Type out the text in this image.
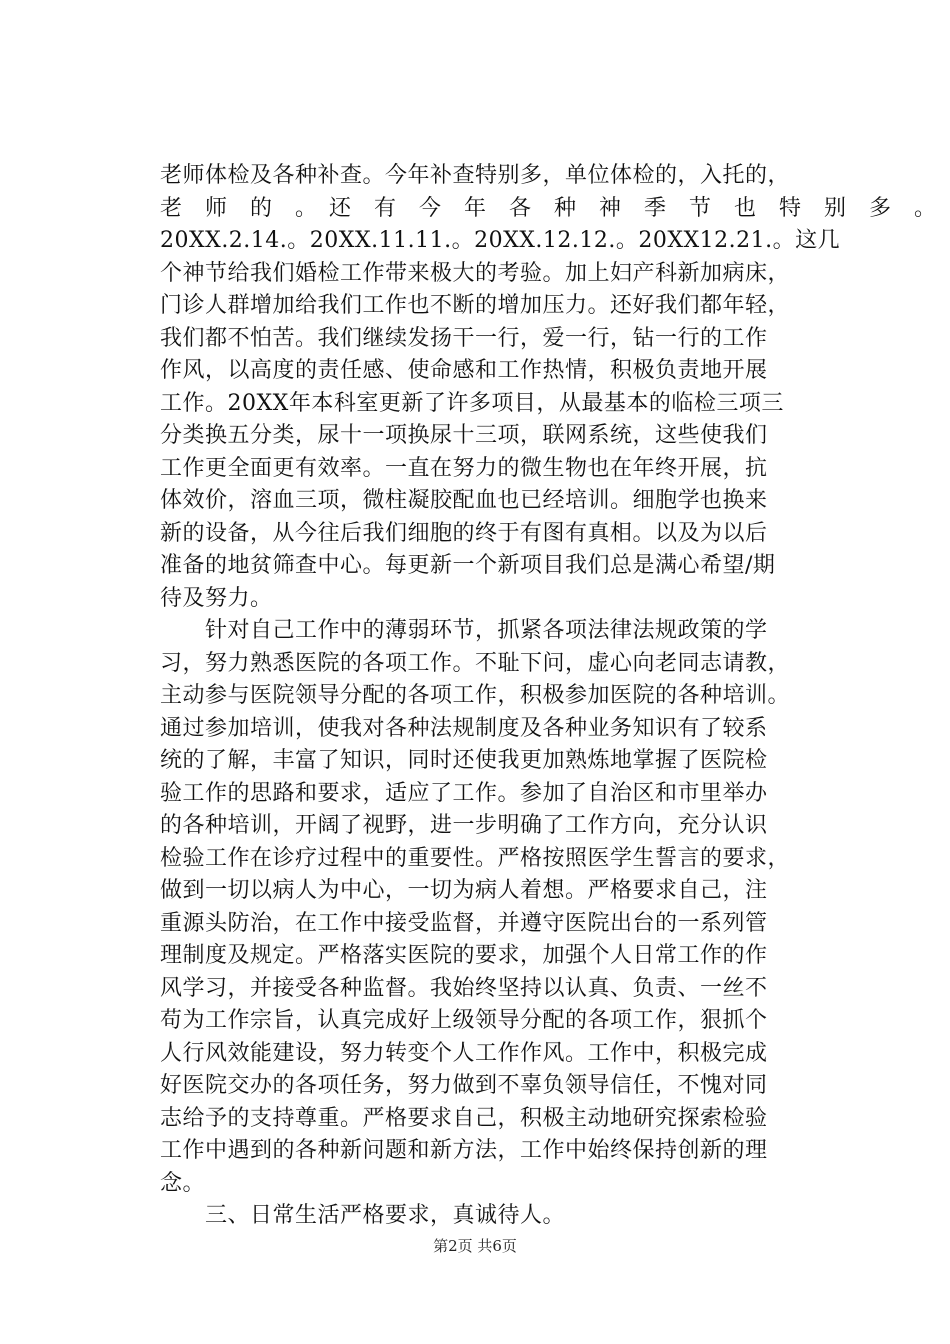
老师体检及各种补查。今年补查特别多，单位体检的，入托的，
老　师　的　。　还　有　今　年　各　种　神　季　节　也　特　别　多　。
20XX.2.14.。20XX.11.11.。20XX.12.12.。20XX12.21.。这几
个神节给我们婚检工作带来极大的考验。加上妇产科新加病床，
门诊人群增加给我们工作也不断的增加压力。还好我们都年轻，
我们都不怕苦。我们继续发扬干一行，爱一行，钻一行的工作
作风，以高度的责任感、使命感和工作热情，积极负责地开展
工作。20XX年本科室更新了许多项目，从最基本的临检三项三
分类换五分类，尿十一项换尿十三项，联网系统，这些使我们
工作更全面更有效率。一直在努力的微生物也在年终开展，抗
体效价，溶血三项，微柱凝胶配血也已经培训。细胞学也换来
新的设备，从今往后我们细胞的终于有图有真相。以及为以后
准备的地贫筛查中心。每更新一个新项目我们总是满心希望/期
待及努力。
　　针对自己工作中的薄弱环节，抓紧各项法律法规政策的学
习，努力熟悉医院的各项工作。不耻下问，虚心向老同志请教，
主动参与医院领导分配的各项工作，积极参加医院的各种培训。
通过参加培训，使我对各种法规制度及各种业务知识有了较系
统的了解，丰富了知识，同时还使我更加熟炼地掌握了医院检
验工作的思路和要求，适应了工作。参加了自治区和市里举办
的各种培训，开阔了视野，进一步明确了工作方向，充分认识
检验工作在诊疗过程中的重要性。严格按照医学生誓言的要求，
做到一切以病人为中心，一切为病人着想。严格要求自己，注
重源头防治，在工作中接受监督，并遵守医院出台的一系列管
理制度及规定。严格落实医院的要求，加强个人日常工作的作
风学习，并接受各种监督。我始终坚持以认真、负责、一丝不
苟为工作宗旨，认真完成好上级领导分配的各项工作，狠抓个
人行风效能建设，努力转变个人工作作风。工作中，积极完成
好医院交办的各项任务，努力做到不辜负领导信任，不愧对同
志给予的支持尊重。严格要求自己，积极主动地研究探索检验
工作中遇到的各种新问题和新方法，工作中始终保持创新的理
念。
　　三、日常生活严格要求，真诚待人。
第2页 共6页
